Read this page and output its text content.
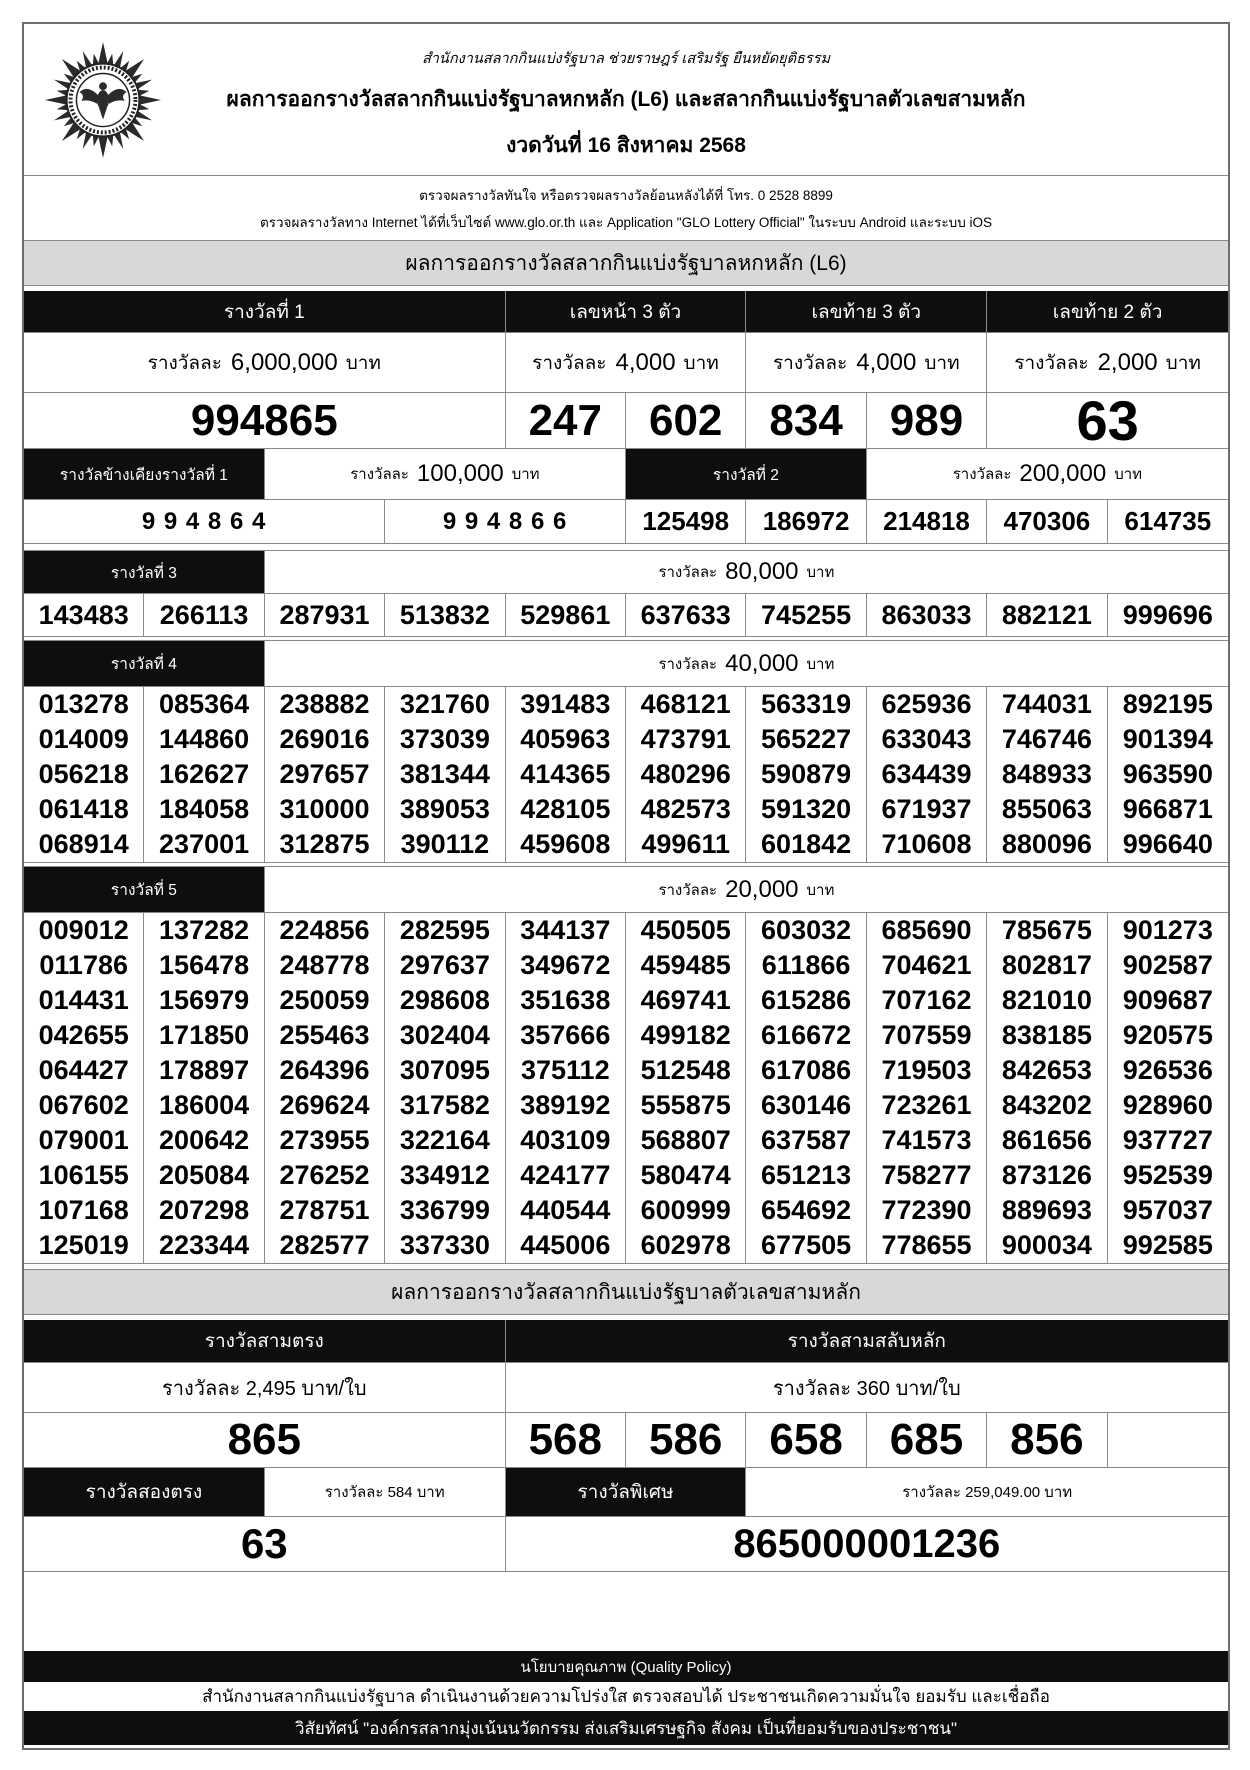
สำนักงานสลากกินแบ่งรัฐบาล ช่วยราษฎร์ เสริมรัฐ ยืนหยัดยุติธรรม
ผลการออกรางวัลสลากกินแบ่งรัฐบาลหกหลัก (L6) และสลากกินแบ่งรัฐบาลตัวเลขสามหลัก
งวดวันที่ 16 สิงหาคม 2568
ตรวจผลรางวัลทันใจ หรือตรวจผลรางวัลย้อนหลังได้ที่ โทร. 0 2528 8899
ตรวจผลรางวัลทาง Internet ได้ที่เว็บไซต์ www.glo.or.th และ Application "GLO Lottery Official" ในระบบ Android และระบบ iOS
ผลการออกรางวัลสลากกินแบ่งรัฐบาลหกหลัก (L6)
รางวัลที่ 1	เลขหน้า 3 ตัว	เลขท้าย 3 ตัว	เลขท้าย 2 ตัว
รางวัลละ 6,000,000 บาท	รางวัลละ 4,000 บาท	รางวัลละ 4,000 บาท	รางวัลละ 2,000 บาท
994865	247	602	834	989	63
รางวัลข้างเคียงรางวัลที่ 1	รางวัลละ 100,000 บาท	รางวัลที่ 2	รางวัลละ 200,000 บาท
9 9 4 8 6 4	9 9 4 8 6 6	125498	186972	214818	470306	614735
รางวัลที่ 3	รางวัลละ 80,000 บาท
143483	266113	287931	513832	529861	637633	745255	863033	882121	999696
รางวัลที่ 4	รางวัลละ 40,000 บาท
013278	085364	238882	321760	391483	468121	563319	625936	744031	892195
014009	144860	269016	373039	405963	473791	565227	633043	746746	901394
056218	162627	297657	381344	414365	480296	590879	634439	848933	963590
061418	184058	310000	389053	428105	482573	591320	671937	855063	966871
068914	237001	312875	390112	459608	499611	601842	710608	880096	996640
รางวัลที่ 5	รางวัลละ 20,000 บาท
009012	137282	224856	282595	344137	450505	603032	685690	785675	901273
011786	156478	248778	297637	349672	459485	611866	704621	802817	902587
014431	156979	250059	298608	351638	469741	615286	707162	821010	909687
042655	171850	255463	302404	357666	499182	616672	707559	838185	920575
064427	178897	264396	307095	375112	512548	617086	719503	842653	926536
067602	186004	269624	317582	389192	555875	630146	723261	843202	928960
079001	200642	273955	322164	403109	568807	637587	741573	861656	937727
106155	205084	276252	334912	424177	580474	651213	758277	873126	952539
107168	207298	278751	336799	440544	600999	654692	772390	889693	957037
125019	223344	282577	337330	445006	602978	677505	778655	900034	992585
ผลการออกรางวัลสลากกินแบ่งรัฐบาลตัวเลขสามหลัก
รางวัลสามตรง	รางวัลสามสลับหลัก
รางวัลละ 2,495 บาท/ใบ	รางวัลละ 360 บาท/ใบ
865	568	586	658	685	856
รางวัลสองตรง	รางวัลละ 584 บาท	รางวัลพิเศษ	รางวัลละ 259,049.00 บาท
63	865000001236
นโยบายคุณภาพ (Quality Policy)
สำนักงานสลากกินแบ่งรัฐบาล ดำเนินงานด้วยความโปร่งใส ตรวจสอบได้ ประชาชนเกิดความมั่นใจ ยอมรับ และเชื่อถือ
วิสัยทัศน์ "องค์กรสลากมุ่งเน้นนวัตกรรม ส่งเสริมเศรษฐกิจ สังคม เป็นที่ยอมรับของประชาชน"
